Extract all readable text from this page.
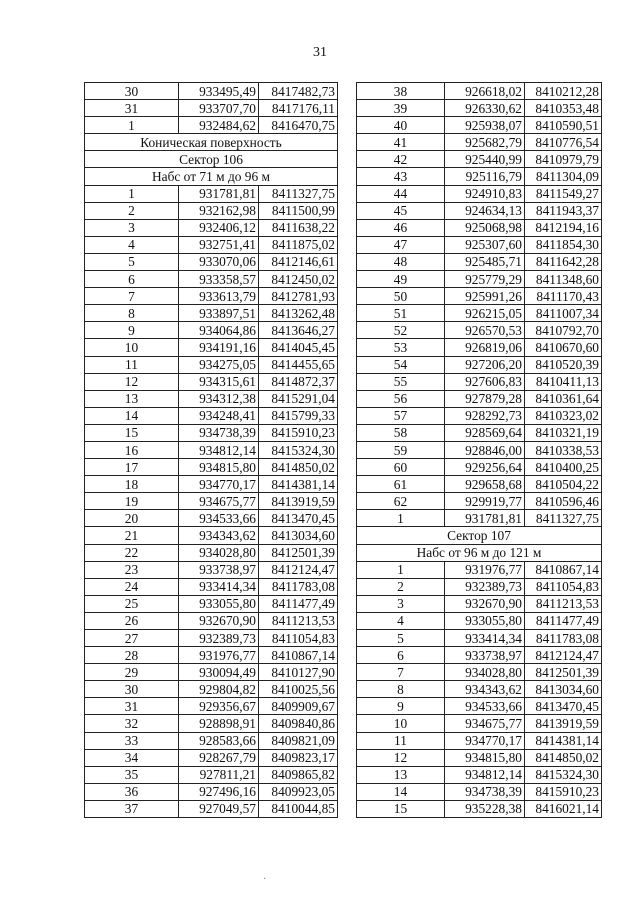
31
30	933495,49	8417482,73
31	933707,70	8417176,11
1	932484,62	8416470,75
Коническая поверхность		
Сектор 106		
Набс от 71 м до 96 м		
1	931781,81	8411327,75
2	932162,98	8411500,99
3	932406,12	8411638,22
4	932751,41	8411875,02
5	933070,06	8412146,61
6	933358,57	8412450,02
7	933613,79	8412781,93
8	933897,51	8413262,48
9	934064,86	8413646,27
10	934191,16	8414045,45
11	934275,05	8414455,65
12	934315,61	8414872,37
13	934312,38	8415291,04
14	934248,41	8415799,33
15	934738,39	8415910,23
16	934812,14	8415324,30
17	934815,80	8414850,02
18	934770,17	8414381,14
19	934675,77	8413919,59
20	934533,66	8413470,45
21	934343,62	8413034,60
22	934028,80	8412501,39
23	933738,97	8412124,47
24	933414,34	8411783,08
25	933055,80	8411477,49
26	932670,90	8411213,53
27	932389,73	8411054,83
28	931976,77	8410867,14
29	930094,49	8410127,90
30	929804,82	8410025,56
31	929356,67	8409909,67
32	928898,91	8409840,86
33	928583,66	8409821,09
34	928267,79	8409823,17
35	927811,21	8409865,82
36	927496,16	8409923,05
37	927049,57	8410044,85
38	926618,02	8410212,28
39	926330,62	8410353,48
40	925938,07	8410590,51
41	925682,79	8410776,54
42	925440,99	8410979,79
43	925116,79	8411304,09
44	924910,83	8411549,27
45	924634,13	8411943,37
46	925068,98	8412194,16
47	925307,60	8411854,30
48	925485,71	8411642,28
49	925779,29	8411348,60
50	925991,26	8411170,43
51	926215,05	8411007,34
52	926570,53	8410792,70
53	926819,06	8410670,60
54	927206,20	8410520,39
55	927606,83	8410411,13
56	927879,28	8410361,64
57	928292,73	8410323,02
58	928569,64	8410321,19
59	928846,00	8410338,53
60	929256,64	8410400,25
61	929658,68	8410504,22
62	929919,77	8410596,46
1	931781,81	8411327,75
Сектор 107		
Набс от 96 м до 121 м		
1	931976,77	8410867,14
2	932389,73	8411054,83
3	932670,90	8411213,53
4	933055,80	8411477,49
5	933414,34	8411783,08
6	933738,97	8412124,47
7	934028,80	8412501,39
8	934343,62	8413034,60
9	934533,66	8413470,45
10	934675,77	8413919,59
11	934770,17	8414381,14
12	934815,80	8414850,02
13	934812,14	8415324,30
14	934738,39	8415910,23
15	935228,38	8416021,14
·
